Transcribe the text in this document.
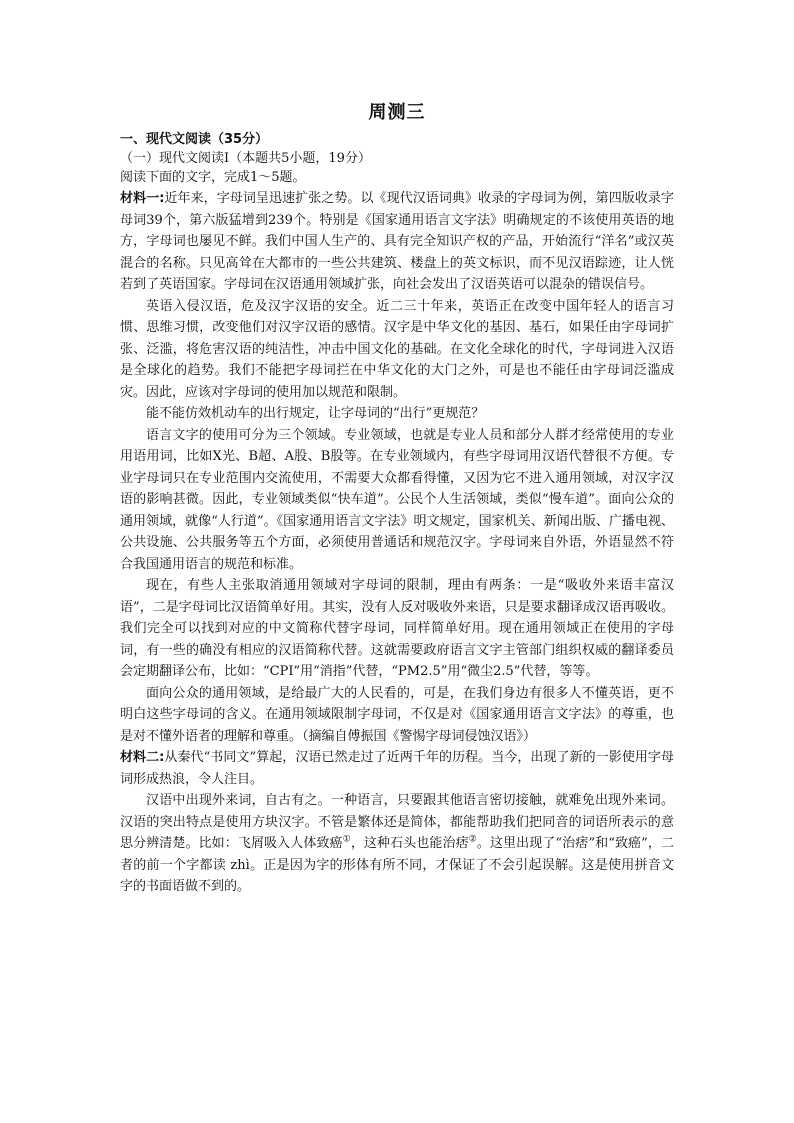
周测三

一、现代文阅读（35分）

（一）现代文阅读Ⅰ（本题共5小题，19分）

阅读下面的文字，完成1～5题。

材料一:近年来，字母词呈迅速扩张之势。以《现代汉语词典》收录的字母词为例，第四版收录字母词39个，第六版猛增到239个。特别是《国家通用语言文字法》明确规定的不该使用英语的地方，字母词也屡见不鲜。我们中国人生产的、具有完全知识产权的产品，开始流行“洋名”或汉英混合的名称。只见高耸在大都市的一些公共建筑、楼盘上的英文标识，而不见汉语踪迹，让人恍若到了英语国家。字母词在汉语通用领域扩张，向社会发出了汉语英语可以混杂的错误信号。

英语入侵汉语，危及汉字汉语的安全。近二三十年来，英语正在改变中国年轻人的语言习惯、思维习惯，改变他们对汉字汉语的感情。汉字是中华文化的基因、基石，如果任由字母词扩张、泛滥，将危害汉语的纯洁性，冲击中国文化的基础。在文化全球化的时代，字母词进入汉语是全球化的趋势。我们不能把字母词拦在中华文化的大门之外，可是也不能任由字母词泛滥成灾。因此，应该对字母词的使用加以规范和限制。

能不能仿效机动车的出行规定，让字母词的“出行”更规范？

语言文字的使用可分为三个领域。专业领域，也就是专业人员和部分人群才经常使用的专业用语用词，比如X光、B超、A股、B股等。在专业领域内，有些字母词用汉语代替很不方便。专业字母词只在专业范围内交流使用，不需要大众都看得懂，又因为它不进入通用领域，对汉字汉语的影响甚微。因此，专业领域类似“快车道”。公民个人生活领域，类似“慢车道”。面向公众的通用领域，就像“人行道”。《国家通用语言文字法》明文规定，国家机关、新闻出版、广播电视、公共设施、公共服务等五个方面，必须使用普通话和规范汉字。字母词来自外语，外语显然不符合我国通用语言的规范和标准。

现在，有些人主张取消通用领域对字母词的限制，理由有两条：一是“吸收外来语丰富汉语”，二是字母词比汉语简单好用。其实，没有人反对吸收外来语，只是要求翻译成汉语再吸收。我们完全可以找到对应的中文简称代替字母词，同样简单好用。现在通用领域正在使用的字母词，有一些的确没有相应的汉语简称代替。这就需要政府语言文字主管部门组织权威的翻译委员会定期翻译公布，比如：“CPI”用“消指”代替，“PM2.5”用“微尘2.5”代替，等等。

面向公众的通用领域，是给最广大的人民看的，可是，在我们身边有很多人不懂英语，更不明白这些字母词的含义。在通用领域限制字母词，不仅是对《国家通用语言文字法》的尊重，也是对不懂外语者的理解和尊重。（摘编自傅振国《警惕字母词侵蚀汉语》）

材料二:从秦代“书同文”算起，汉语已然走过了近两千年的历程。当今，出现了新的一影使用字母词形成热浪，令人注目。

汉语中出现外来词，自古有之。一种语言，只要跟其他语言密切接触，就难免出现外来词。汉语的突出特点是使用方块汉字。不管是繁体还是简体，都能帮助我们把同音的词语所表示的意思分辨清楚。比如：飞屑吸入人体致癌①，这种石头也能治痞②。这里出现了“治痞”和“致癌”，二者的前一个字都读 zhì。正是因为字的形体有所不同，才保证了不会引起误解。这是使用拼音文字的书面语做不到的。
